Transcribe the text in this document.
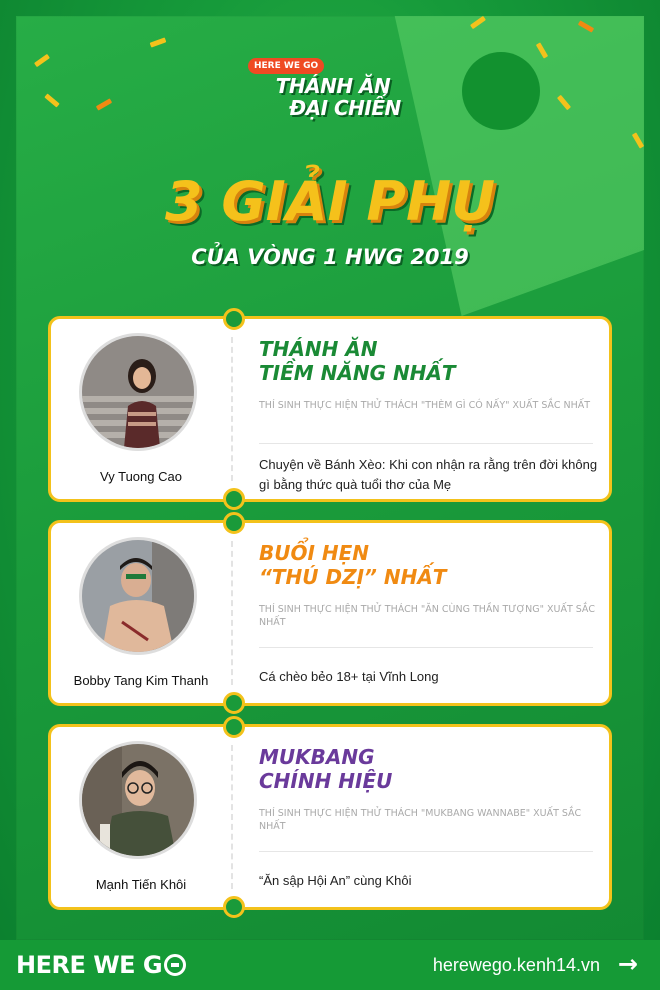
HERE WE GO
THÁNH ĂN
ĐẠI CHIẾN
3 GIẢI PHỤ
CỦA VÒNG 1 HWG 2019
Vy Tuong Cao
THÁNH ĂN
TIỀM NĂNG NHẤT
THÍ SINH THỰC HIỆN THỬ THÁCH "THÈM GÌ CÓ NẤY" XUẤT SẮC NHẤT
Chuyện về Bánh Xèo: Khi con nhận ra rằng trên đời không gì bằng thức quà tuổi thơ của Mẹ
Bobby Tang Kim Thanh
BUỔI HẸN
“THÚ DZỊ” NHẤT
THÍ SINH THỰC HIỆN THỬ THÁCH "ĂN CÙNG THẦN TƯỢNG" XUẤT SẮC NHẤT
Cá chèo bẻo 18+ tại Vĩnh Long
Mạnh Tiến Khôi
MUKBANG
CHÍNH HIỆU
THÍ SINH THỰC HIỆN THỬ THÁCH "MUKBANG WANNABE" XUẤT SẮC NHẤT
“Ăn sập Hội An” cùng Khôi
HERE WE G	herewego.kenh14.vn →
